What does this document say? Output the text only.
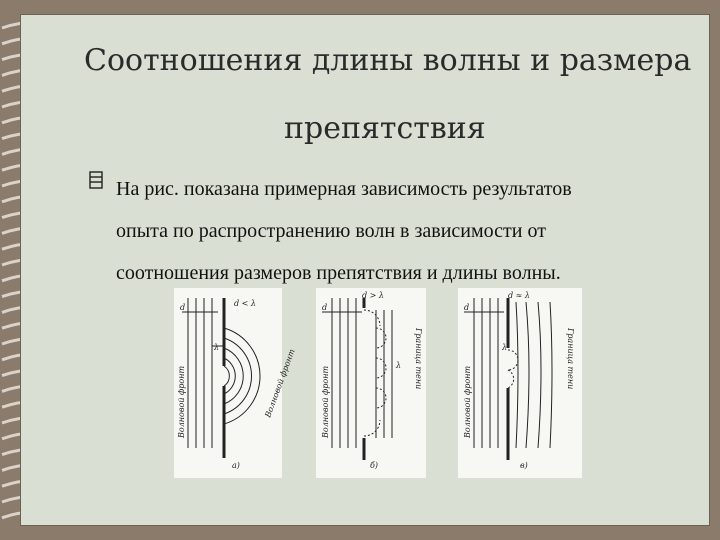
Соотношения длины волны и размера
препятствия
На рис. показана примерная зависимость результатов
опыта по распространению волн в зависимости от
соотношения размеров препятствия и длины волны.
d < λ
а)
λ
d
Волновой фронт	Волновой фронт
d > λ
б)
d
λ
Волновой фронт
Граница тени
d ≈ λ
в)
d
λ
Волновой фронт
Граница тени
